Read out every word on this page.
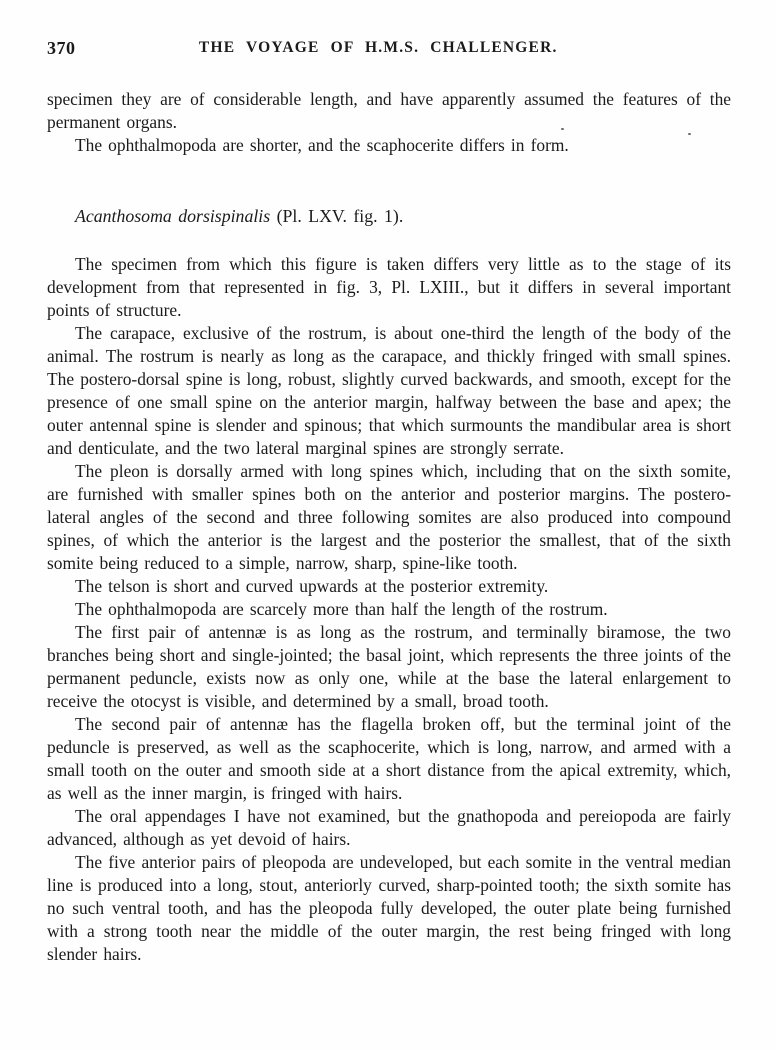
370	THE VOYAGE OF H.M.S. CHALLENGER.

specimen they are of considerable length, and have apparently assumed the features of the permanent organs.

The ophthalmopoda are shorter, and the scaphocerite differs in form.

Acanthosoma dorsispinalis (Pl. LXV. fig. 1).

The specimen from which this figure is taken differs very little as to the stage of its development from that represented in fig. 3, Pl. LXIII., but it differs in several important points of structure.

The carapace, exclusive of the rostrum, is about one-third the length of the body of the animal. The rostrum is nearly as long as the carapace, and thickly fringed with small spines. The postero-dorsal spine is long, robust, slightly curved backwards, and smooth, except for the presence of one small spine on the anterior margin, halfway between the base and apex; the outer antennal spine is slender and spinous; that which surmounts the mandibular area is short and denticulate, and the two lateral marginal spines are strongly serrate.

The pleon is dorsally armed with long spines which, including that on the sixth somite, are furnished with smaller spines both on the anterior and posterior margins. The postero-lateral angles of the second and three following somites are also produced into compound spines, of which the anterior is the largest and the posterior the smallest, that of the sixth somite being reduced to a simple, narrow, sharp, spine-like tooth.

The telson is short and curved upwards at the posterior extremity.

The ophthalmopoda are scarcely more than half the length of the rostrum.

The first pair of antennæ is as long as the rostrum, and terminally biramose, the two branches being short and single-jointed; the basal joint, which represents the three joints of the permanent peduncle, exists now as only one, while at the base the lateral enlargement to receive the otocyst is visible, and determined by a small, broad tooth.

The second pair of antennæ has the flagella broken off, but the terminal joint of the peduncle is preserved, as well as the scaphocerite, which is long, narrow, and armed with a small tooth on the outer and smooth side at a short distance from the apical extremity, which, as well as the inner margin, is fringed with hairs.

The oral appendages I have not examined, but the gnathopoda and pereiopoda are fairly advanced, although as yet devoid of hairs.

The five anterior pairs of pleopoda are undeveloped, but each somite in the ventral median line is produced into a long, stout, anteriorly curved, sharp-pointed tooth; the sixth somite has no such ventral tooth, and has the pleopoda fully developed, the outer plate being furnished with a strong tooth near the middle of the outer margin, the rest being fringed with long slender hairs.
